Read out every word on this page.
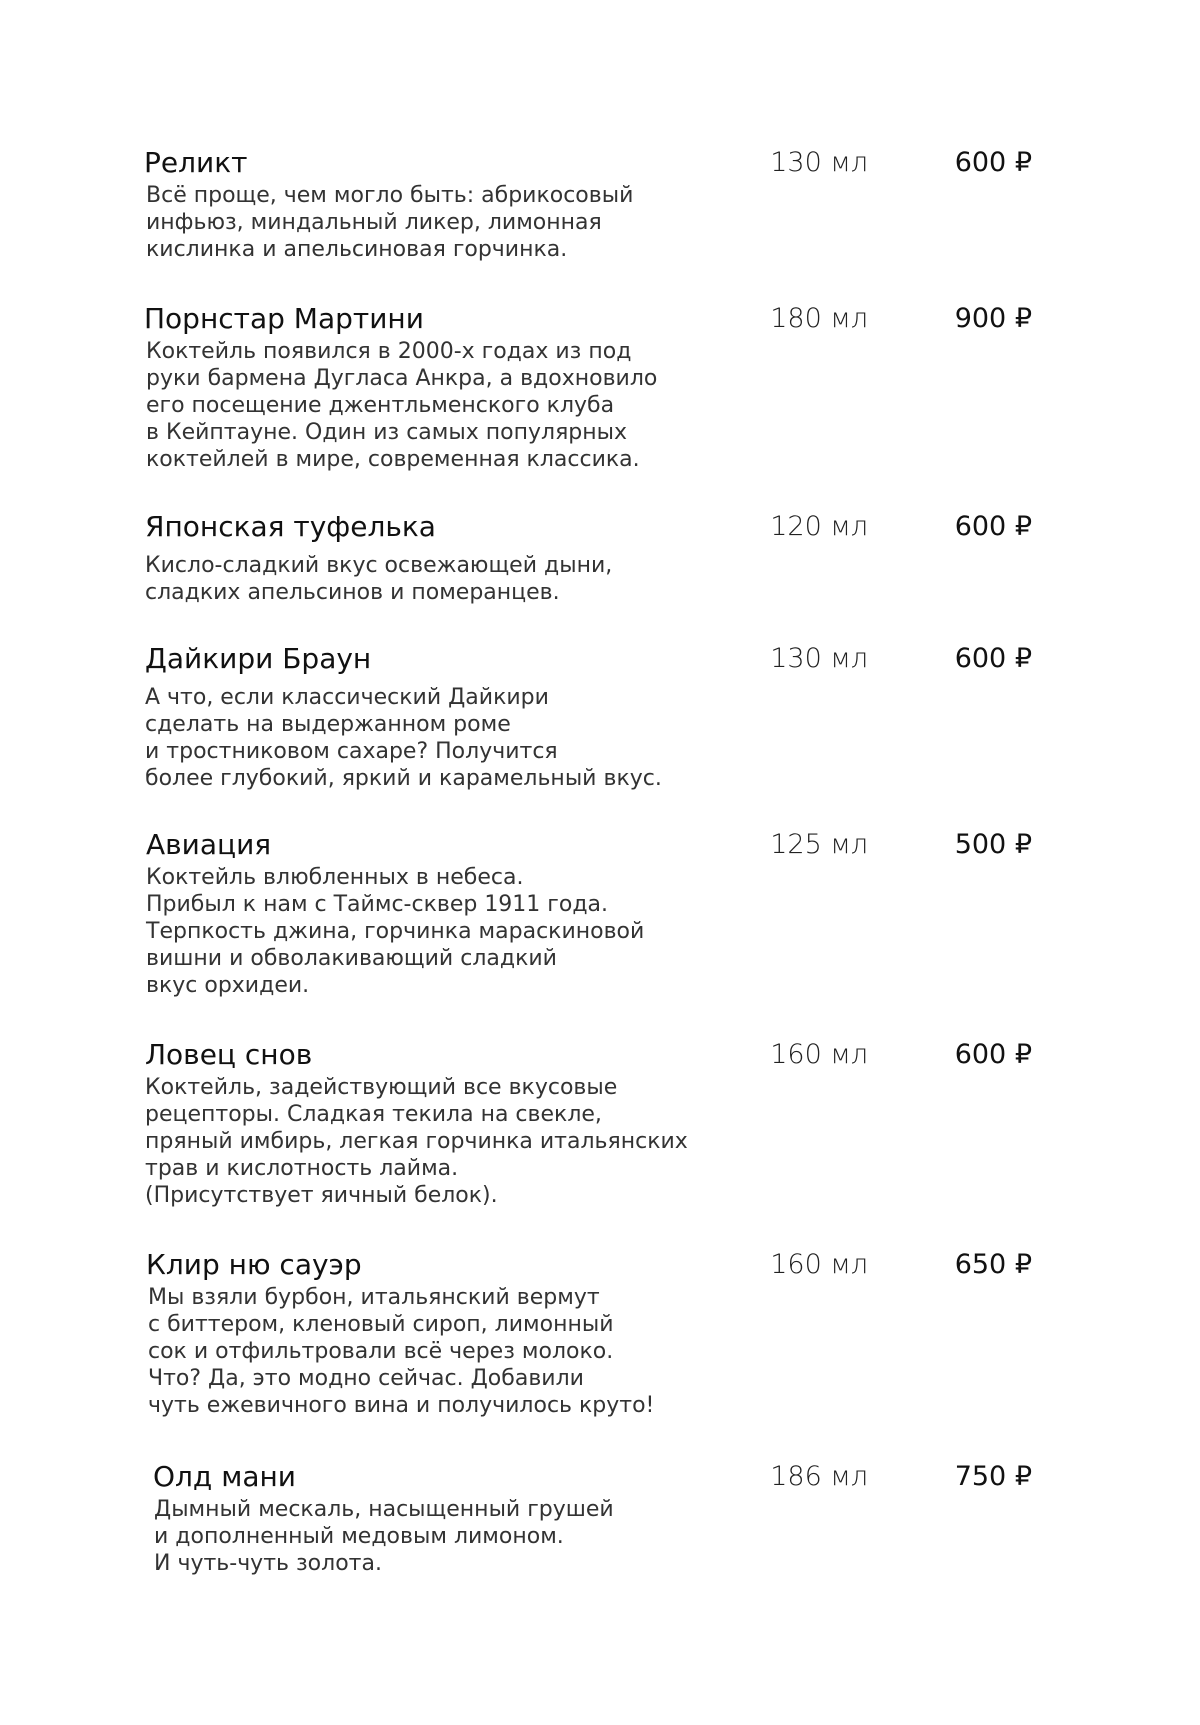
Реликт	130 мл	600 ₽
Всё проще, чем могло быть: абрикосовый
инфьюз, миндальный ликер, лимонная
кислинка и апельсиновая горчинка.
Порнстар Мартини	180 мл	900 ₽
Коктейль появился в 2000-х годах из под
руки бармена Дугласа Анкра, а вдохновило
его посещение джентльменского клуба
в Кейптауне. Один из самых популярных
коктейлей в мире, современная классика.
Японская туфелька	120 мл	600 ₽
Кисло-сладкий вкус освежающей дыни,
сладких апельсинов и померанцев.
Дайкири Браун	130 мл	600 ₽
А что, если классический Дайкири
сделать на выдержанном роме
и тростниковом сахаре? Получится
более глубокий, яркий и карамельный вкус.
Авиация	125 мл	500 ₽
Коктейль влюбленных в небеса.
Прибыл к нам с Таймс-сквер 1911 года.
Терпкость джина, горчинка мараскиновой
вишни и обволакивающий сладкий
вкус орхидеи.
Ловец снов	160 мл	600 ₽
Коктейль, задействующий все вкусовые
рецепторы. Сладкая текила на свекле,
пряный имбирь, легкая горчинка итальянских
трав и кислотность лайма.
(Присутствует яичный белок).
Клир ню сауэр	160 мл	650 ₽
Мы взяли бурбон, итальянский вермут
с биттером, кленовый сироп, лимонный
сок и отфильтровали всё через молоко.
Что? Да, это модно сейчас. Добавили
чуть ежевичного вина и получилось круто!
Олд мани	186 мл	750 ₽
Дымный мескаль, насыщенный грушей
и дополненный медовым лимоном.
И чуть-чуть золота.
